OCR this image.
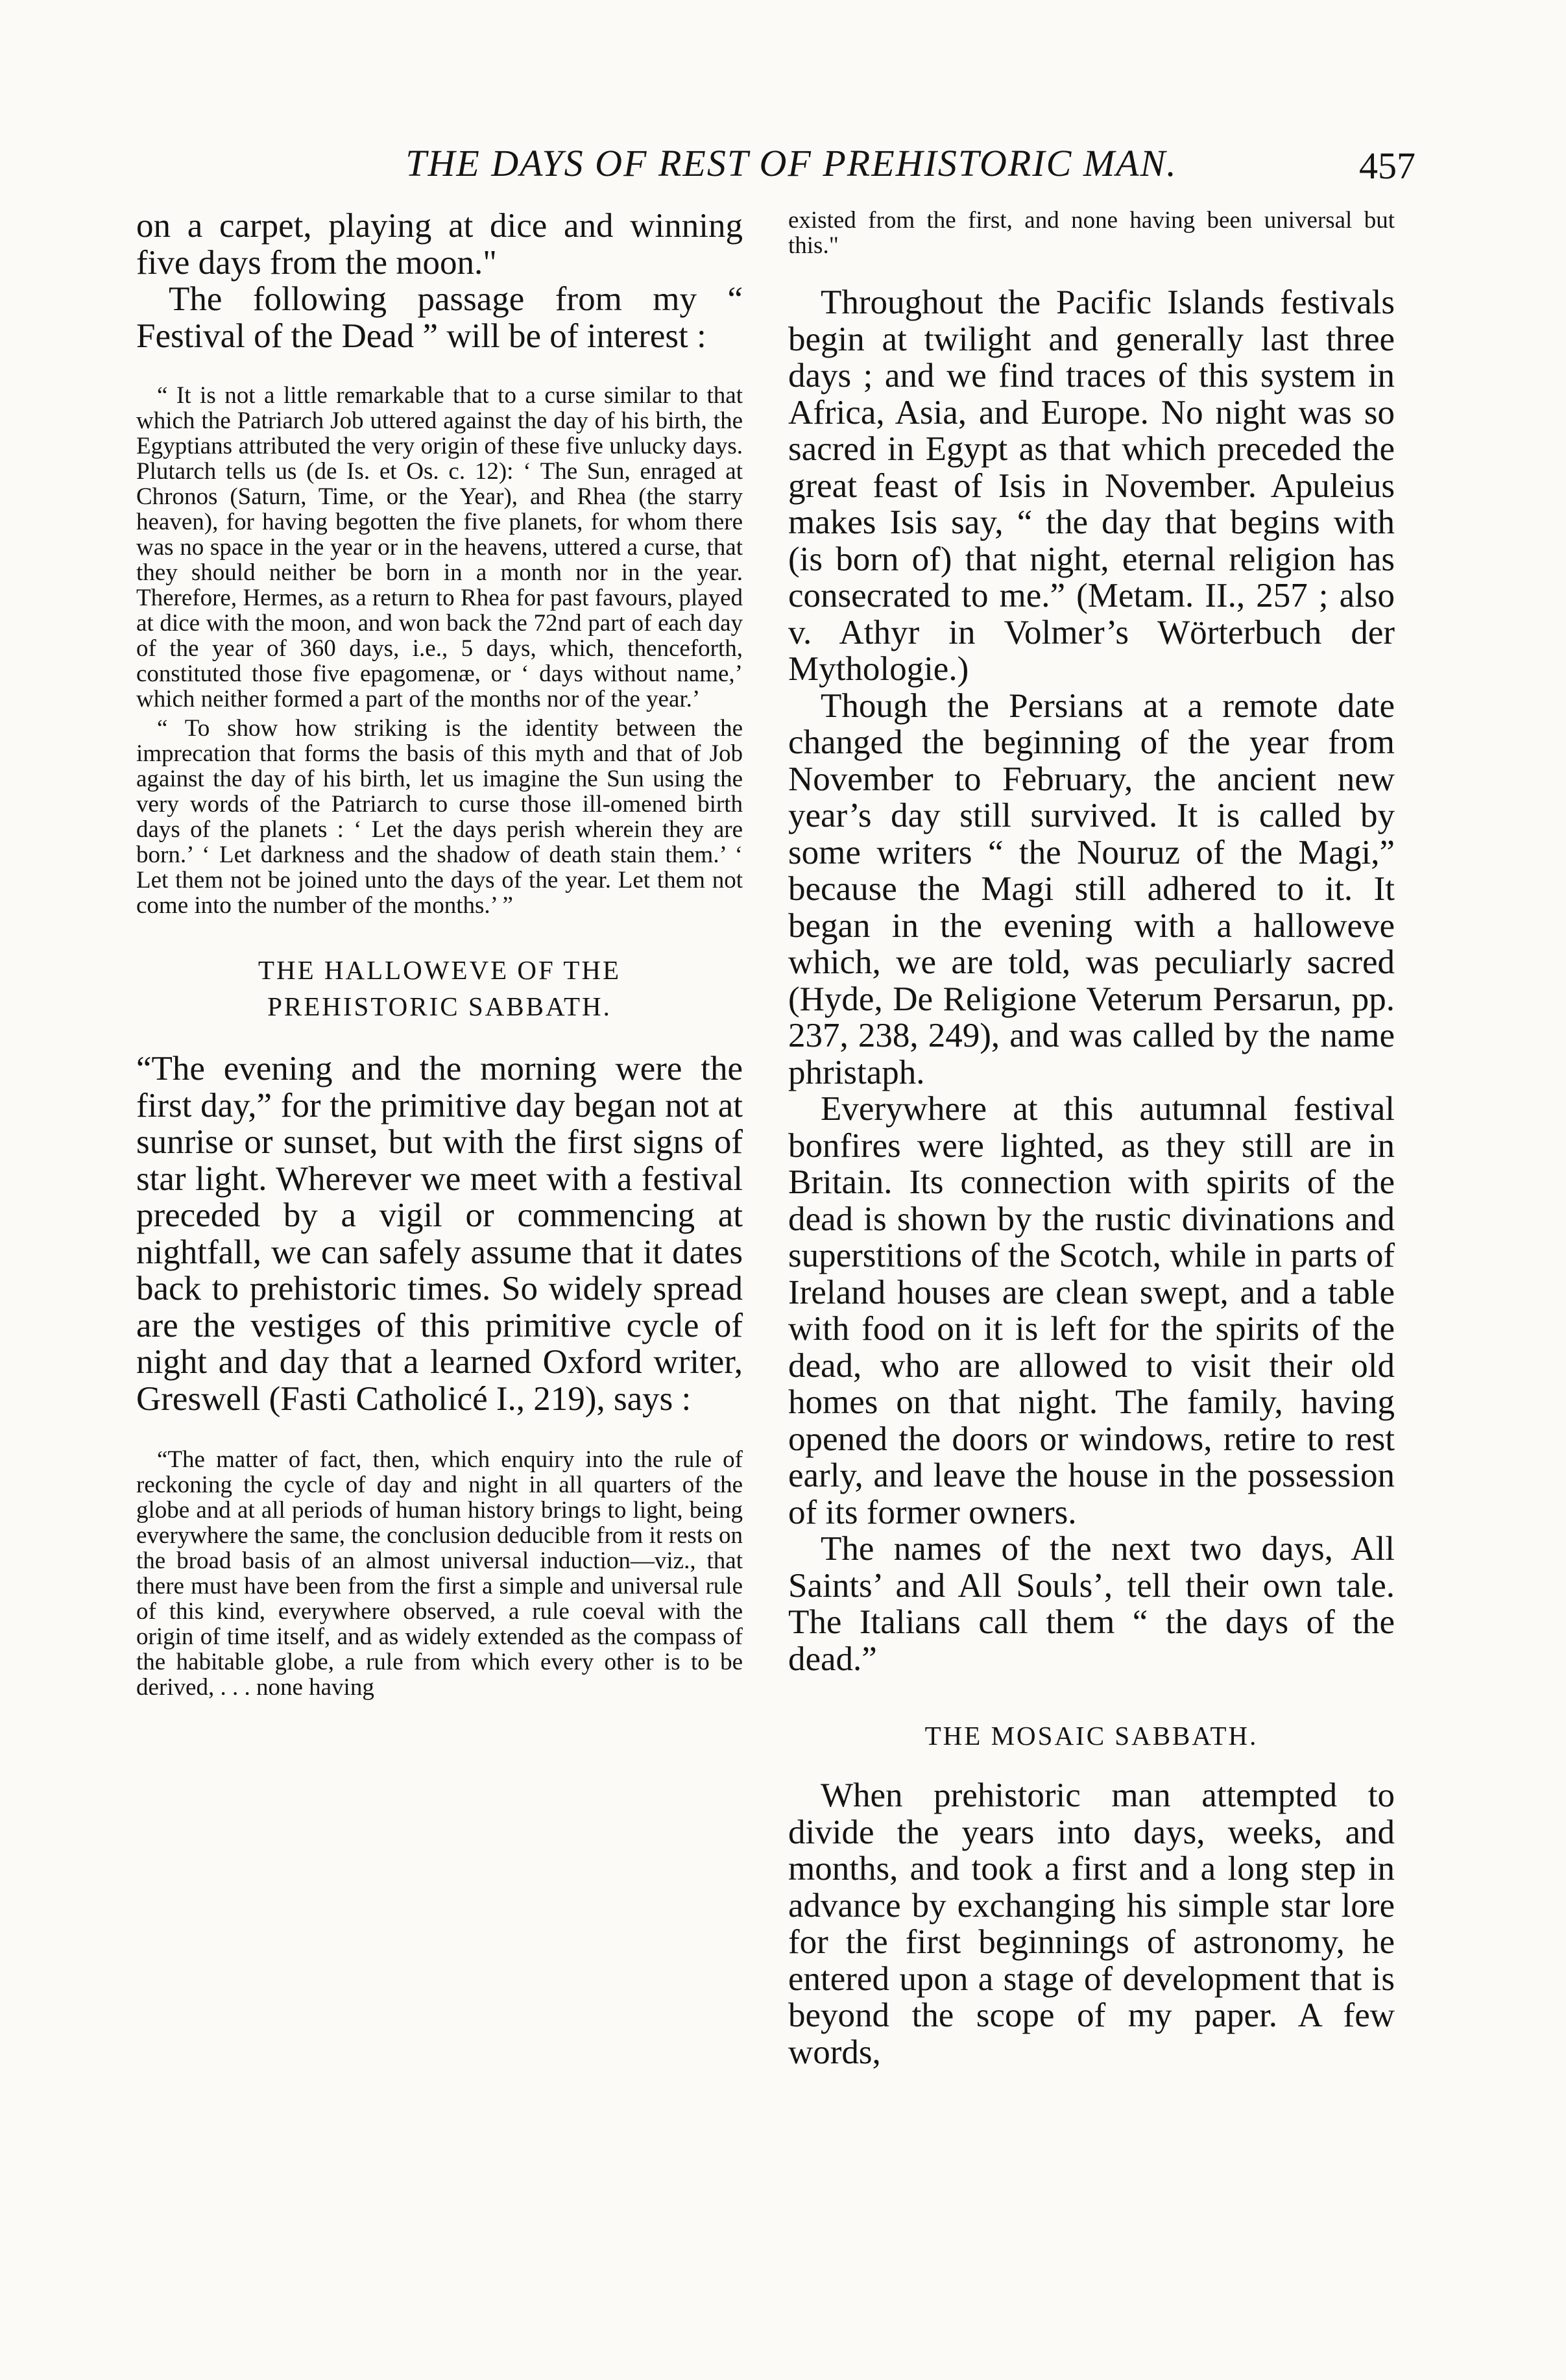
THE DAYS OF REST OF PREHISTORIC MAN.	457

on a carpet, playing at dice and winning five days from the moon."

The following passage from my “ Festival of the Dead ” will be of interest :

“ It is not a little remarkable that to a curse similar to that which the Patriarch Job uttered against the day of his birth, the Egyptians attributed the very origin of these five unlucky days. Plutarch tells us (de Is. et Os. c. 12): ‘ The Sun, enraged at Chronos (Saturn, Time, or the Year), and Rhea (the starry heaven), for having begotten the five planets, for whom there was no space in the year or in the heavens, uttered a curse, that they should neither be born in a month nor in the year. Therefore, Hermes, as a return to Rhea for past favours, played at dice with the moon, and won back the 72nd part of each day of the year of 360 days, i.e., 5 days, which, thenceforth, constituted those five epagomenæ, or ‘ days without name,’ which neither formed a part of the months nor of the year.’

“ To show how striking is the identity between the imprecation that forms the basis of this myth and that of Job against the day of his birth, let us imagine the Sun using the very words of the Patriarch to curse those ill-omened birth days of the planets : ‘ Let the days perish wherein they are born.’ ‘ Let darkness and the shadow of death stain them.’ ‘ Let them not be joined unto the days of the year. Let them not come into the number of the months.’ ”

THE HALLOWEVE OF THE PREHISTORIC SABBATH.

“The evening and the morning were the first day,” for the primitive day began not at sunrise or sunset, but with the first signs of star light. Wherever we meet with a festival preceded by a vigil or commencing at nightfall, we can safely assume that it dates back to prehistoric times. So widely spread are the vestiges of this primitive cycle of night and day that a learned Oxford writer, Greswell (Fasti Catholicé I., 219), says :

“The matter of fact, then, which enquiry into the rule of reckoning the cycle of day and night in all quarters of the globe and at all periods of human history brings to light, being everywhere the same, the conclusion deducible from it rests on the broad basis of an almost universal induction—viz., that there must have been from the first a simple and universal rule of this kind, everywhere observed, a rule coeval with the origin of time itself, and as widely extended as the compass of the habitable globe, a rule from which every other is to be derived, . . . none having

existed from the first, and none having been universal but this."

Throughout the Pacific Islands festivals begin at twilight and generally last three days ; and we find traces of this system in Africa, Asia, and Europe. No night was so sacred in Egypt as that which preceded the great feast of Isis in November. Apuleius makes Isis say, “ the day that begins with (is born of) that night, eternal religion has consecrated to me.” (Metam. II., 257 ; also v. Athyr in Volmer’s Wörterbuch der Mythologie.)

Though the Persians at a remote date changed the beginning of the year from November to February, the ancient new year’s day still survived. It is called by some writers “ the Nouruz of the Magi,” because the Magi still adhered to it. It began in the evening with a halloweve which, we are told, was peculiarly sacred (Hyde, De Religione Veterum Persarun, pp. 237, 238, 249), and was called by the name phristaph.

Everywhere at this autumnal festival bonfires were lighted, as they still are in Britain. Its connection with spirits of the dead is shown by the rustic divinations and superstitions of the Scotch, while in parts of Ireland houses are clean swept, and a table with food on it is left for the spirits of the dead, who are allowed to visit their old homes on that night. The family, having opened the doors or windows, retire to rest early, and leave the house in the possession of its former owners.

The names of the next two days, All Saints’ and All Souls’, tell their own tale. The Italians call them “ the days of the dead.”

THE MOSAIC SABBATH.

When prehistoric man attempted to divide the years into days, weeks, and months, and took a first and a long step in advance by exchanging his simple star lore for the first beginnings of astronomy, he entered upon a stage of development that is beyond the scope of my paper. A few words,
